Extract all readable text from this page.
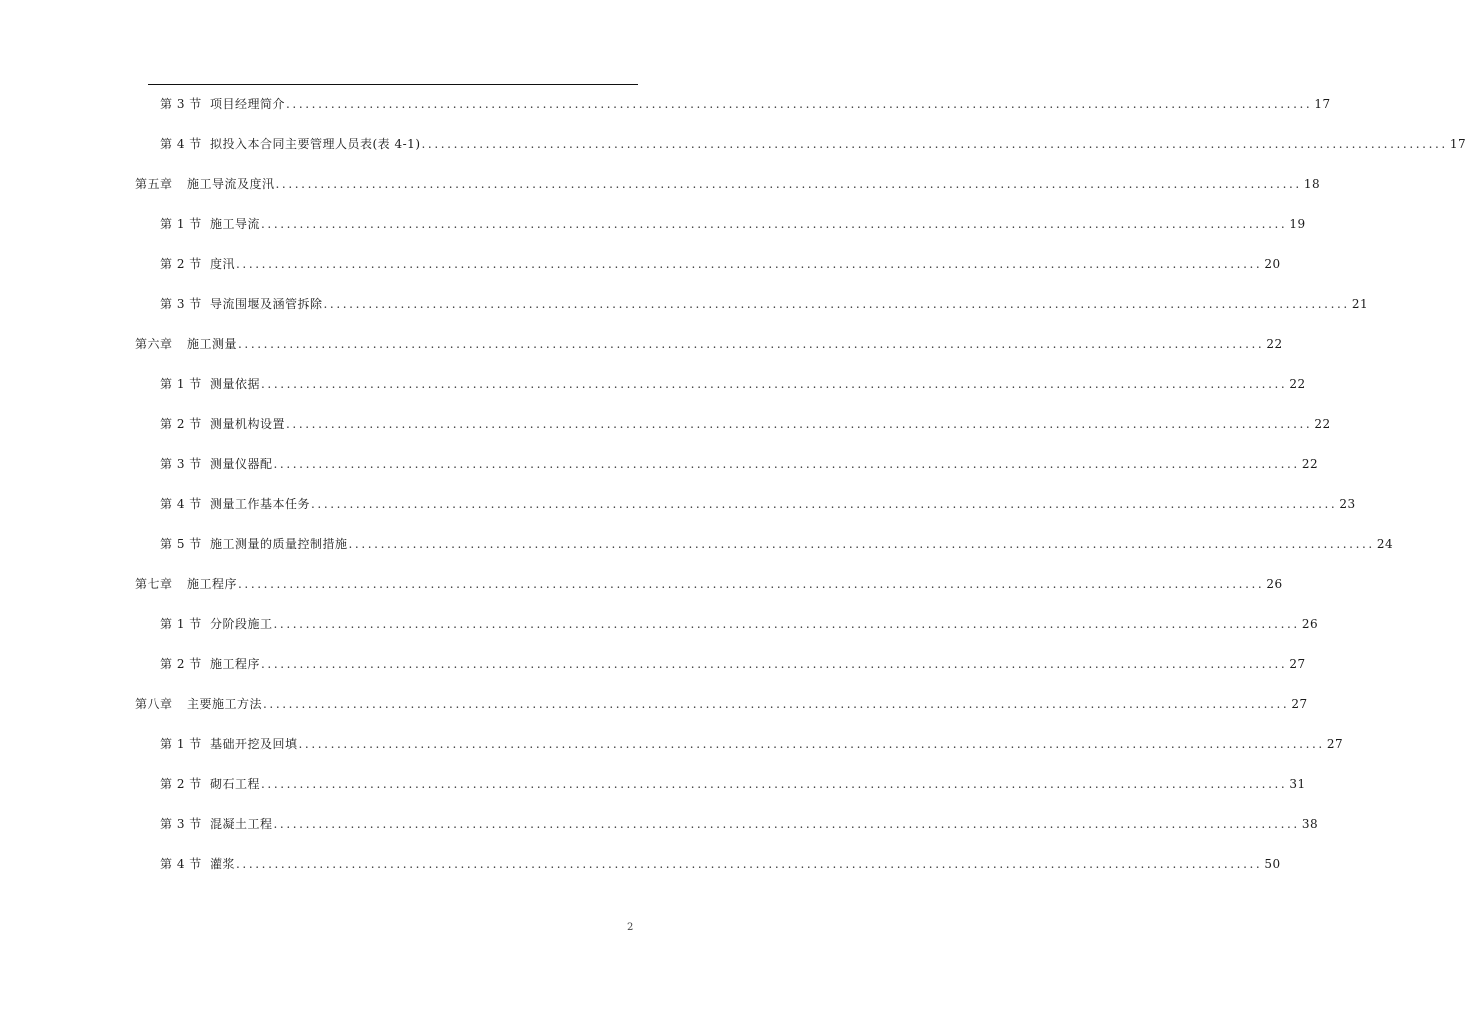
第 3 节 项目经理简介 ................................................................................................................................................................ 17
第 4 节 拟投入本合同主要管理人员表(表 4-1) ................................................................................................................................................................ 17
第五章	施工导流及度汛 ................................................................................................................................................................ 18
第 1 节 施工导流 ................................................................................................................................................................ 19
第 2 节 度汛 ................................................................................................................................................................ 20
第 3 节 导流围堰及涵管拆除 ................................................................................................................................................................ 21
第六章	施工测量 ................................................................................................................................................................ 22
第 1 节 测量依据 ................................................................................................................................................................ 22
第 2 节 测量机构设置 ................................................................................................................................................................ 22
第 3 节 测量仪器配 ................................................................................................................................................................ 22
第 4 节 测量工作基本任务 ................................................................................................................................................................ 23
第 5 节 施工测量的质量控制措施 ................................................................................................................................................................ 24
第七章	施工程序 ................................................................................................................................................................ 26
第 1 节 分阶段施工 ................................................................................................................................................................ 26
第 2 节 施工程序 ................................................................................................................................................................ 27
第八章	主要施工方法 ................................................................................................................................................................ 27
第 1 节 基础开挖及回填 ................................................................................................................................................................ 27
第 2 节 砌石工程 ................................................................................................................................................................ 31
第 3 节 混凝土工程 ................................................................................................................................................................ 38
第 4 节 灌浆 ................................................................................................................................................................ 50
2
